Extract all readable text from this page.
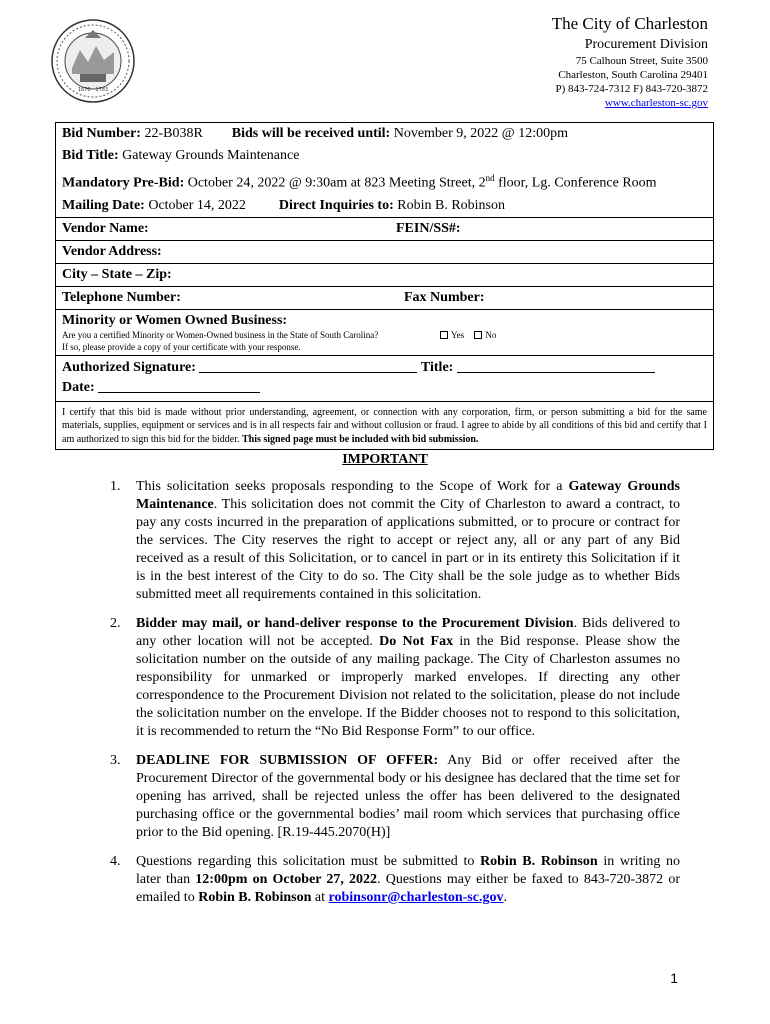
1670 · 1783
The City of Charleston
Procurement Division
75 Calhoun Street, Suite 3500
Charleston, South Carolina 29401
P) 843-724-7312 F) 843-720-3872
www.charleston-sc.gov
Bid Number: 22-B038R Bids will be received until: November 9, 2022 @ 12:00pm
Bid Title: Gateway Grounds Maintenance
Mandatory Pre-Bid: October 24, 2022 @ 9:30am at 823 Meeting Street, 2nd floor, Lg. Conference Room
Mailing Date: October 14, 2022 Direct Inquiries to: Robin B. Robinson
Vendor Name:	FEIN/SS#:
Vendor Address:
City – State – Zip:
Telephone Number:	Fax Number:
Minority or Women Owned Business:
Are you a certified Minority or Women-Owned business in the State of South Carolina?	Yes No
If so, please provide a copy of your certificate with your response.
Authorized Signature:	Title:
Date:
I certify that this bid is made without prior understanding, agreement, or connection with any corporation, firm, or person submitting a bid for the same materials, supplies, equipment or services and is in all respects fair and without collusion or fraud. I agree to abide by all conditions of this bid and certify that I am authorized to sign this bid for the bidder. This signed page must be included with bid submission.
IMPORTANT
1.	This solicitation seeks proposals responding to the Scope of Work for a Gateway Grounds Maintenance. This solicitation does not commit the City of Charleston to award a contract, to pay any costs incurred in the preparation of applications submitted, or to procure or contract for the services. The City reserves the right to accept or reject any, all or any part of any Bid received as a result of this Solicitation, or to cancel in part or in its entirety this Solicitation if it is in the best interest of the City to do so. The City shall be the sole judge as to whether Bids submitted meet all requirements contained in this solicitation.
2.	Bidder may mail, or hand-deliver response to the Procurement Division. Bids delivered to any other location will not be accepted. Do Not Fax in the Bid response. Please show the solicitation number on the outside of any mailing package. The City of Charleston assumes no responsibility for unmarked or improperly marked envelopes. If directing any other correspondence to the Procurement Division not related to the solicitation, please do not include the solicitation number on the envelope. If the Bidder chooses not to respond to this solicitation, it is recommended to return the “No Bid Response Form” to our office.
3.	DEADLINE FOR SUBMISSION OF OFFER: Any Bid or offer received after the Procurement Director of the governmental body or his designee has declared that the time set for opening has arrived, shall be rejected unless the offer has been delivered to the designated purchasing office or the governmental bodies’ mail room which services that purchasing office prior to the Bid opening. [R.19-445.2070(H)]
4.	Questions regarding this solicitation must be submitted to Robin B. Robinson in writing no later than 12:00pm on October 27, 2022. Questions may either be faxed to 843-720-3872 or emailed to Robin B. Robinson at robinsonr@charleston-sc.gov.
1
